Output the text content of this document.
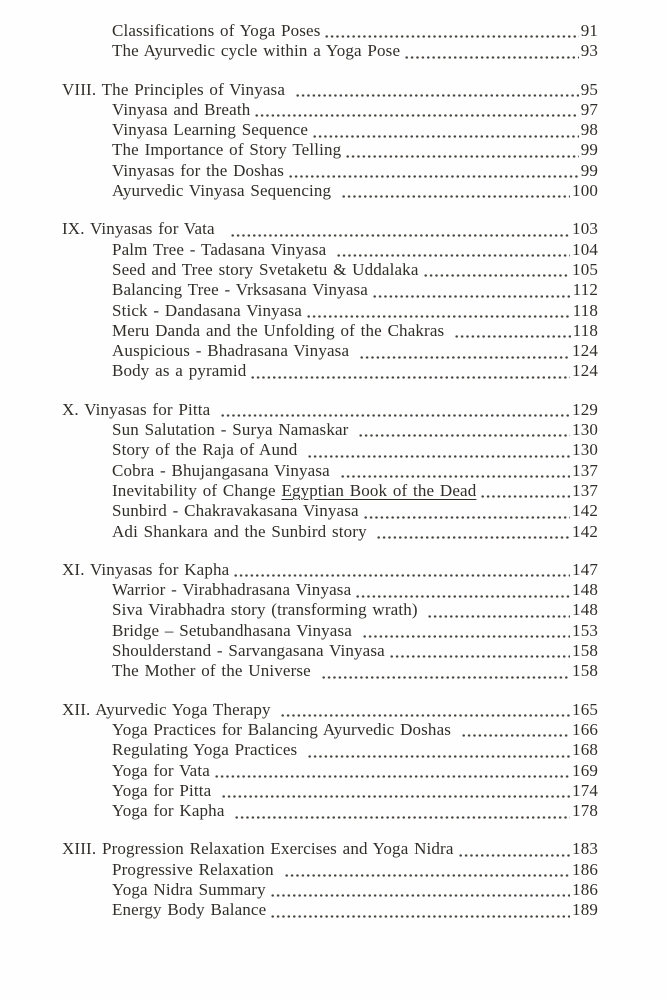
Classifications of Yoga Poses	91
The Ayurvedic cycle within a Yoga Pose	93
VIII. The Principles of Vinyasa	95
Vinyasa and Breath	97
Vinyasa Learning Sequence	98
The Importance of Story Telling	99
Vinyasas for the Doshas	99
Ayurvedic Vinyasa Sequencing	100
IX. Vinyasas for Vata	103
Palm Tree - Tadasana Vinyasa	104
Seed and Tree story Svetaketu & Uddalaka	105
Balancing Tree - Vrksasana Vinyasa	112
Stick - Dandasana Vinyasa	118
Meru Danda and the Unfolding of the Chakras	118
Auspicious - Bhadrasana Vinyasa	124
Body as a pyramid	124
X. Vinyasas for Pitta	129
Sun Salutation - Surya Namaskar	130
Story of the Raja of Aund	130
Cobra - Bhujangasana Vinyasa	137
Inevitability of Change Egyptian Book of the Dead	137
Sunbird - Chakravakasana Vinyasa	142
Adi Shankara and the Sunbird story	142
XI. Vinyasas for Kapha	147
Warrior - Virabhadrasana Vinyasa	148
Siva Virabhadra story (transforming wrath)	148
Bridge – Setubandhasana Vinyasa	153
Shoulderstand - Sarvangasana Vinyasa	158
The Mother of the Universe	158
XII. Ayurvedic Yoga Therapy	165
Yoga Practices for Balancing Ayurvedic Doshas	166
Regulating Yoga Practices	168
Yoga for Vata	169
Yoga for Pitta	174
Yoga for Kapha	178
XIII. Progression Relaxation Exercises and Yoga Nidra	183
Progressive Relaxation	186
Yoga Nidra Summary	186
Energy Body Balance	189
